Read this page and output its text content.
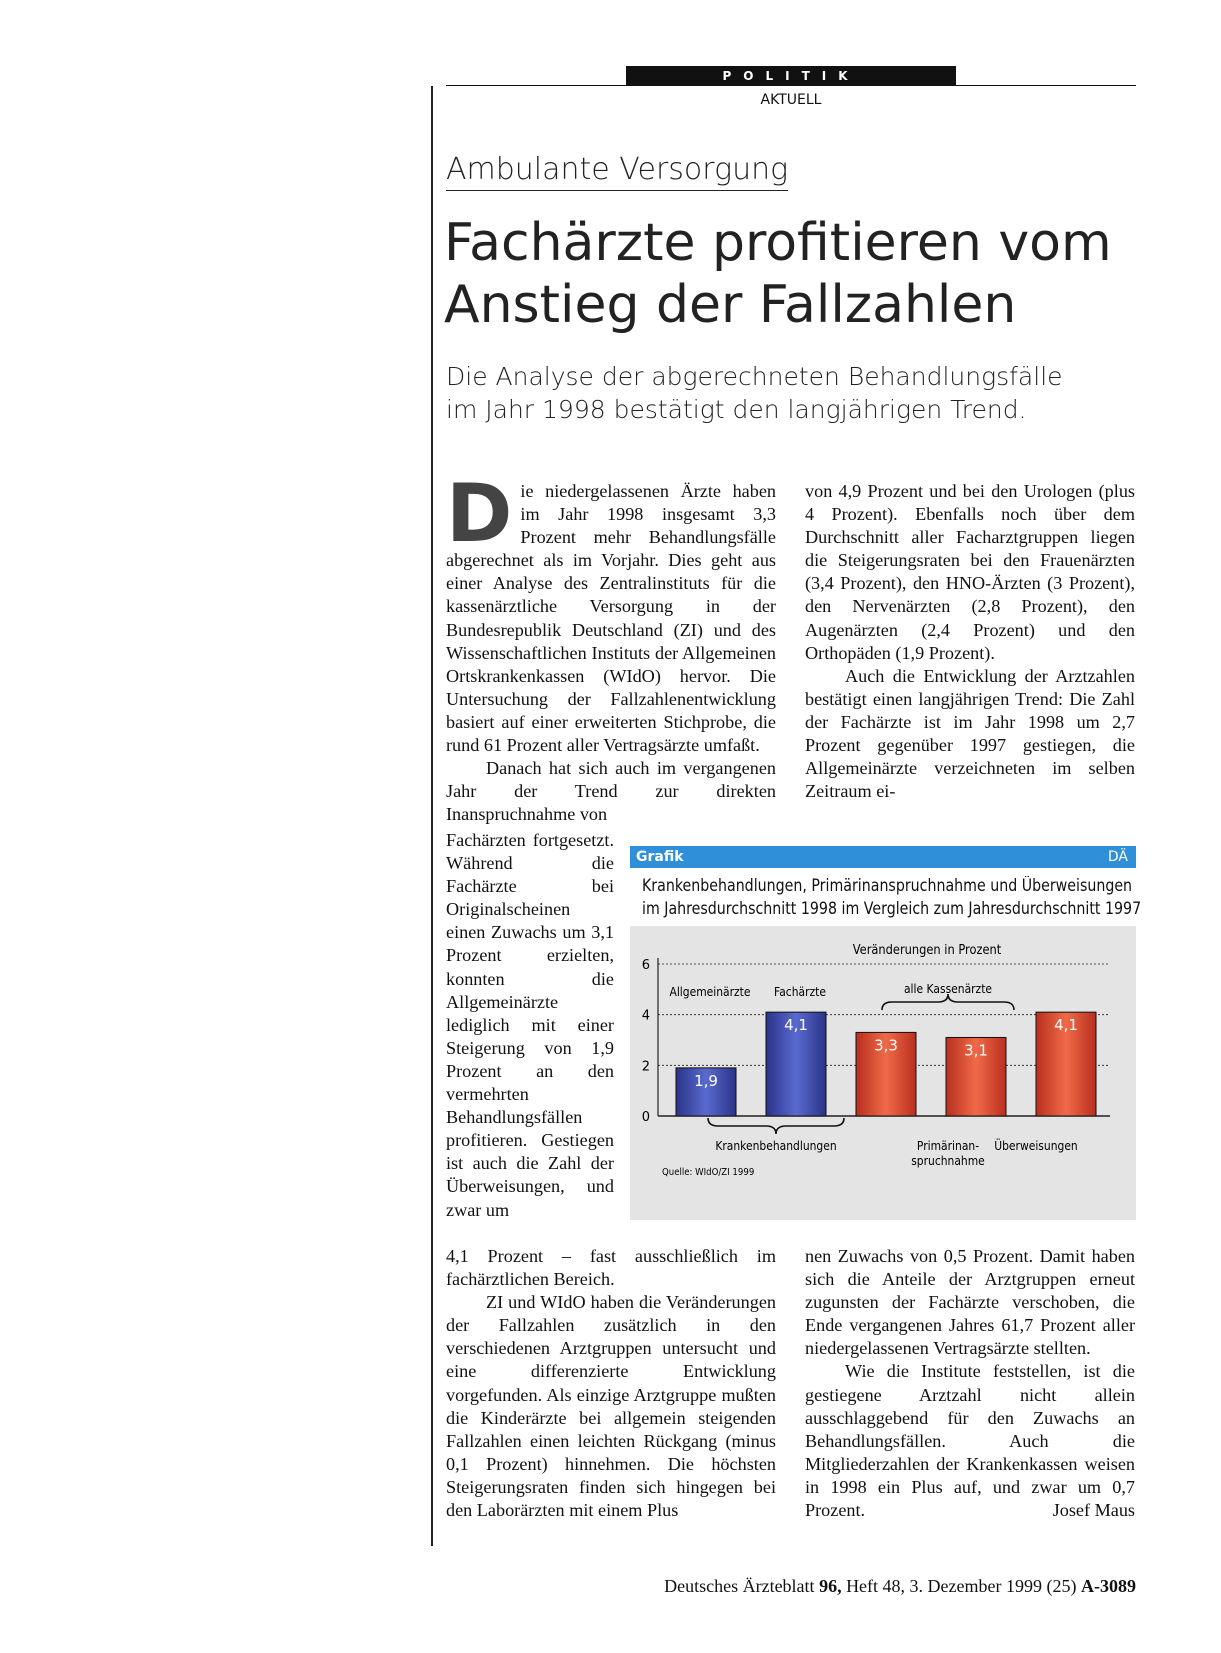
POLITIK
AKTUELL
Ambulante Versorgung
Fachärzte profitieren vom
Anstieg der Fallzahlen
Die Analyse der abgerechneten Behandlungsfälle
im Jahr 1998 bestätigt den langjährigen Trend.

Die niedergelassenen Ärzte haben im Jahr 1998 insgesamt 3,3 Prozent mehr Behandlungsfälle abgerechnet als im Vorjahr. Dies geht aus einer Analyse des Zentralinstituts für die kassenärztliche Versorgung in der Bundesrepublik Deutschland (ZI) und des Wissenschaftlichen Instituts der Allgemeinen Ortskrankenkassen (WIdO) hervor. Die Untersuchung der Fallzahlenentwicklung basiert auf einer erweiterten Stichprobe, die rund 61 Prozent aller Vertragsärzte umfaßt.

Danach hat sich auch im vergangenen Jahr der Trend zur direkten Inanspruchnahme von

Fachärzten fortgesetzt. Während die Fachärzte bei Originalscheinen einen Zuwachs um 3,1 Prozent erzielten, konnten die Allgemeinärzte lediglich mit einer Steigerung von 1,9 Prozent an den vermehrten Behandlungsfällen profitieren. Gestiegen ist auch die Zahl der Überweisungen, und zwar um

4,1 Prozent – fast ausschließlich im fachärztlichen Bereich.

ZI und WIdO haben die Veränderungen der Fallzahlen zusätzlich in den verschiedenen Arztgruppen untersucht und eine differenzierte Entwicklung vorgefunden. Als einzige Arztgruppe mußten die Kinderärzte bei allgemein steigenden Fallzahlen einen leichten Rückgang (minus 0,1 Prozent) hinnehmen. Die höchsten Steigerungsraten finden sich hingegen bei den Laborärzten mit einem Plus

von 4,9 Prozent und bei den Urologen (plus 4 Prozent). Ebenfalls noch über dem Durchschnitt aller Facharztgruppen liegen die Steigerungsraten bei den Frauenärzten (3,4 Prozent), den HNO-Ärzten (3 Prozent), den Nervenärzten (2,8 Prozent), den Augenärzten (2,4 Prozent) und den Orthopäden (1,9 Prozent).

Auch die Entwicklung der Arztzahlen bestätigt einen langjährigen Trend: Die Zahl der Fachärzte ist im Jahr 1998 um 2,7 Prozent gegenüber 1997 gestiegen, die Allgemeinärzte verzeichneten im selben Zeitraum ei-

nen Zuwachs von 0,5 Prozent. Damit haben sich die Anteile der Arztgruppen erneut zugunsten der Fachärzte verschoben, die Ende vergangenen Jahres 61,7 Prozent aller niedergelassenen Vertragsärzte stellten.

Wie die Institute feststellen, ist die gestiegene Arztzahl nicht allein ausschlaggebend für den Zuwachs an Behandlungsfällen. Auch die Mitgliederzahlen der Krankenkassen weisen in 1998 ein Plus auf, und zwar um 0,7 Prozent.	Josef Maus

Grafik	DÄ
Krankenbehandlungen, Primärinanspruchnahme und Überweisungen
im Jahresdurchschnitt 1998 im Vergleich zum Jahresdurchschnitt 1997
Veränderungen in Prozent
0
2
4
6
1,9
4,1
3,3	3,1
4,1
Allgemeinärzte Fachärzte	alle Kassenärzte
Krankenbehandlungen	Primärinan-
spruchnahme
Überweisungen
Quelle: WIdO/ZI 1999
Deutsches Ärzteblatt 96, Heft 48, 3. Dezember 1999 (25) A-3089
